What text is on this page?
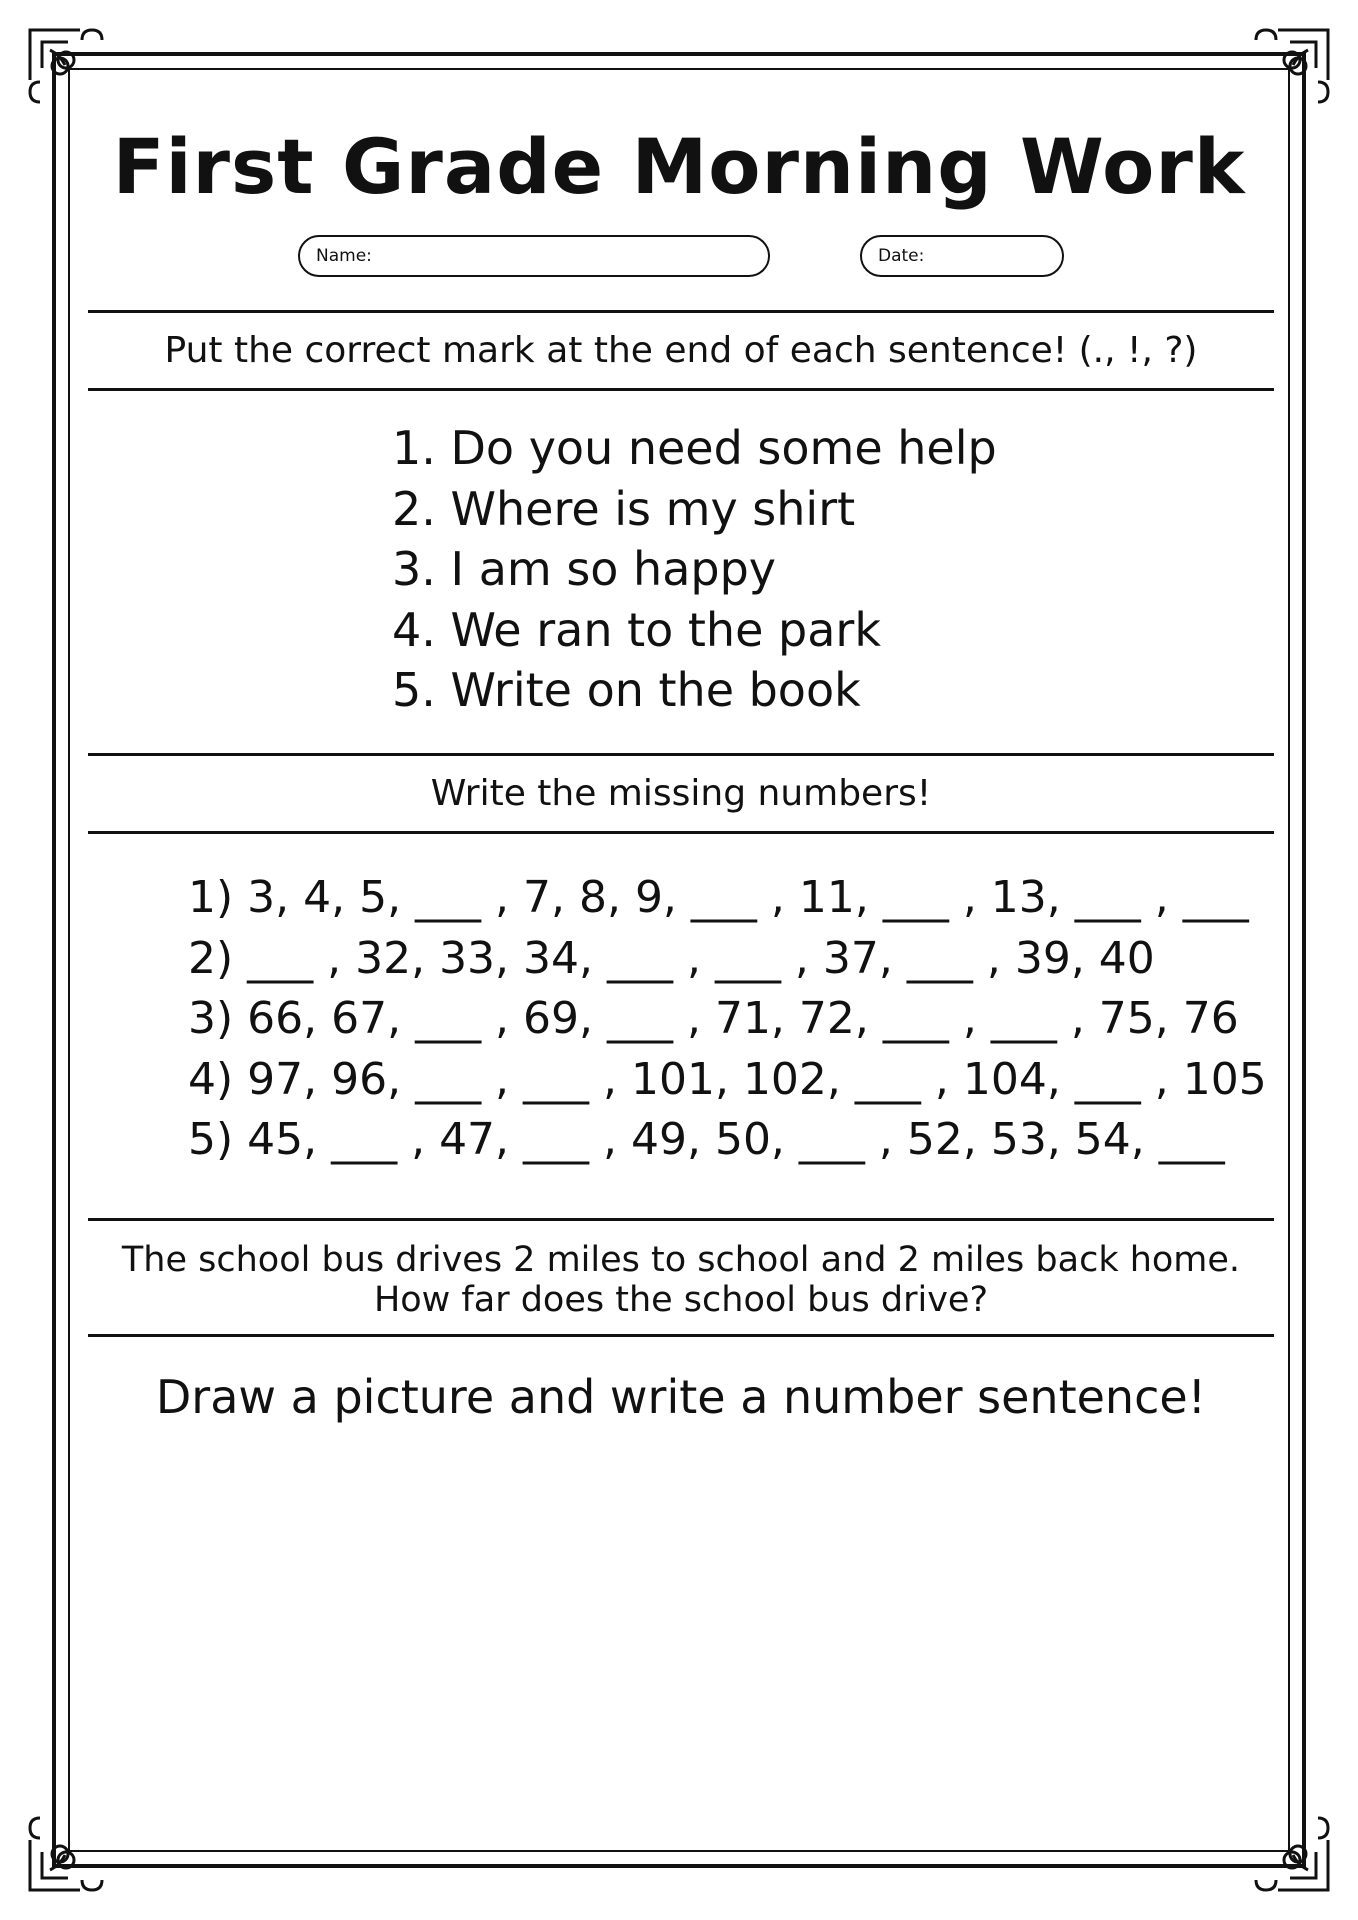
First Grade Morning Work
Name:	Date:
Put the correct mark at the end of each sentence! (., !, ?)
1. Do you need some help
2. Where is my shirt
3. I am so happy
4. We ran to the park
5. Write on the book
Write the missing numbers!
1) 3, 4, 5, ___ , 7, 8, 9, ___ , 11, ___ , 13, ___ , ___
2) ___ , 32, 33, 34, ___ , ___ , 37, ___ , 39, 40
3) 66, 67, ___ , 69, ___ , 71, 72, ___ , ___ , 75, 76
4) 97, 96, ___ , ___ , 101, 102, ___ , 104, ___ , 105
5) 45, ___ , 47, ___ , 49, 50, ___ , 52, 53, 54, ___
The school bus drives 2 miles to school and 2 miles back home.
How far does the school bus drive?
Draw a picture and write a number sentence!
